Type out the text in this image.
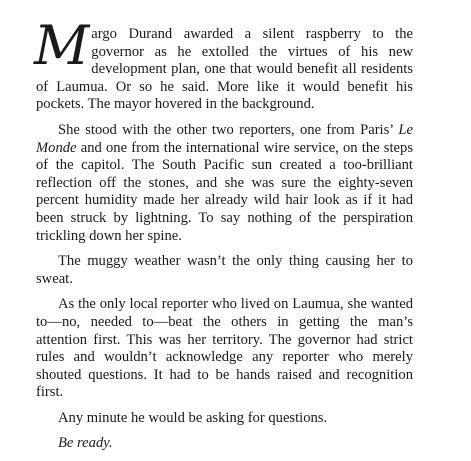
Margo Durand awarded a silent raspberry to the governor as he extolled the virtues of his new development plan, one that would benefit all residents of Laumua. Or so he said. More like it would benefit his pockets. The mayor hovered in the background.

She stood with the other two reporters, one from Paris’ Le Monde and one from the international wire service, on the steps of the capitol. The South Pacific sun created a too-brilliant reflection off the stones, and she was sure the eighty-seven percent humidity made her already wild hair look as if it had been struck by lightning. To say nothing of the perspiration trickling down her spine.

The muggy weather wasn’t the only thing causing her to sweat.

As the only local reporter who lived on Laumua, she wanted to—no, needed to—beat the others in getting the man’s attention first. This was her territory. The governor had strict rules and wouldn’t acknowledge any reporter who merely shouted questions. It had to be hands raised and recognition first.

Any minute he would be asking for questions.

Be ready.
